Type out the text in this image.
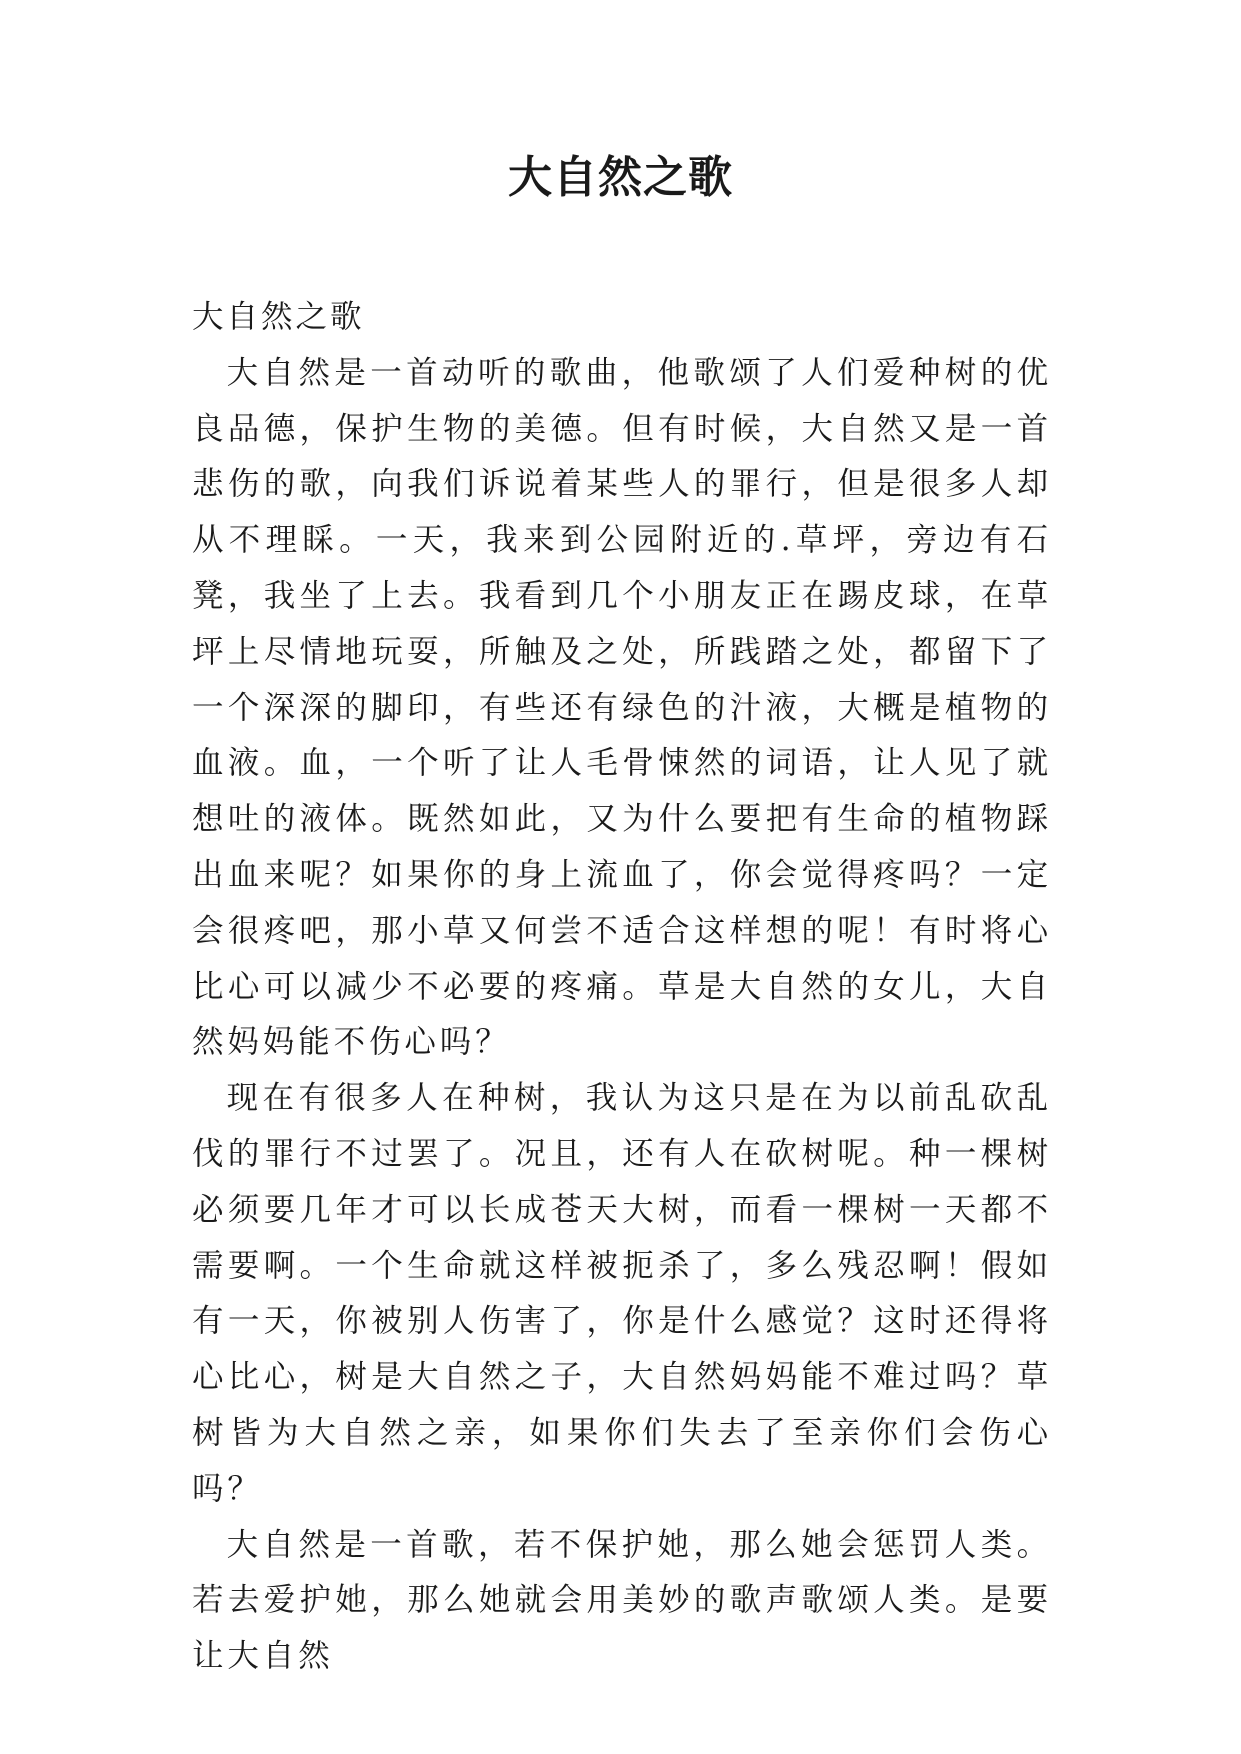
大自然之歌

大自然之歌

大自然是一首动听的歌曲，他歌颂了人们爱种树的优良品德，保护生物的美德。但有时候，大自然又是一首悲伤的歌，向我们诉说着某些人的罪行，但是很多人却从不理睬。一天，我来到公园附近的.草坪，旁边有石凳，我坐了上去。我看到几个小朋友正在踢皮球，在草坪上尽情地玩耍，所触及之处，所践踏之处，都留下了一个深深的脚印，有些还有绿色的汁液，大概是植物的血液。血，一个听了让人毛骨悚然的词语，让人见了就想吐的液体。既然如此，又为什么要把有生命的植物踩出血来呢？如果你的身上流血了，你会觉得疼吗？一定会很疼吧，那小草又何尝不适合这样想的呢！有时将心比心可以减少不必要的疼痛。草是大自然的女儿，大自然妈妈能不伤心吗？

现在有很多人在种树，我认为这只是在为以前乱砍乱伐的罪行不过罢了。况且，还有人在砍树呢。种一棵树必须要几年才可以长成苍天大树，而看一棵树一天都不需要啊。一个生命就这样被扼杀了，多么残忍啊！假如有一天，你被别人伤害了，你是什么感觉？这时还得将心比心，树是大自然之子，大自然妈妈能不难过吗？草树皆为大自然之亲，如果你们失去了至亲你们会伤心吗？

大自然是一首歌，若不保护她，那么她会惩罚人类。若去爱护她，那么她就会用美妙的歌声歌颂人类。是要让大自然
